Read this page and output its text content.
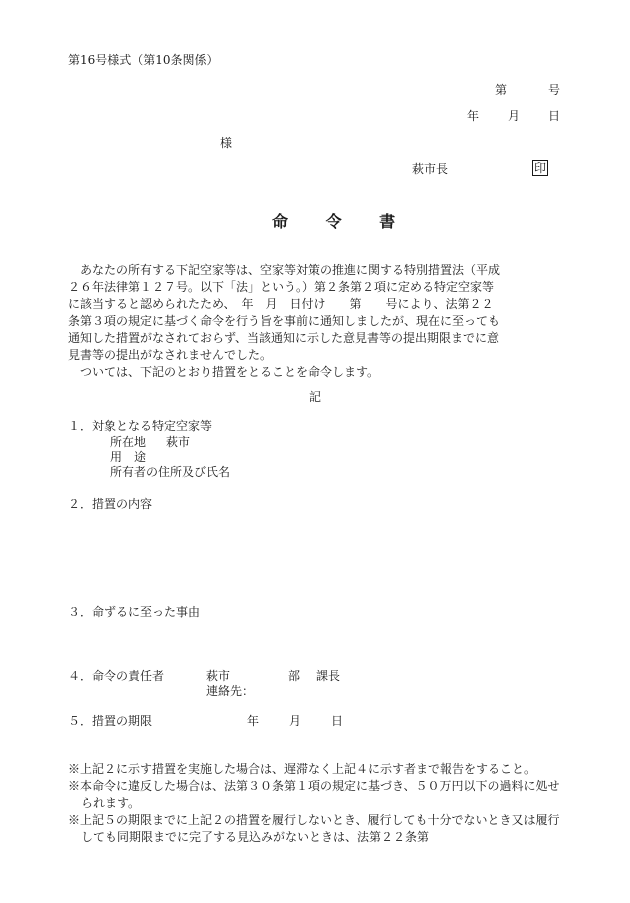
第16号様式（第10条関係）
第	号
年 月 日
様
萩市長	印
命 令 書

　あなたの所有する下記空家等は、空家等対策の推進に関する特別措置法（平成

２６年法律第１２７号。以下「法」という。）第２条第２項に定める特定空家等

に該当すると認められたため、　年　月　日付け　　第　　号により、法第２２

条第３項の規定に基づく命令を行う旨を事前に通知しましたが、現在に至っても

通知した措置がなされておらず、当該通知に示した意見書等の提出期限までに意

見書等の提出がなされませんでした。

　ついては、下記のとおり措置をとることを命令します。

記
１．対象となる特定空家等
所在地 萩市
用　途
所有者の住所及び氏名
２．措置の内容
３．命ずるに至った事由
４．命令の責任者	萩市	部 課長
連絡先：
５．措置の期限	年 月 日

※上記２に示す措置を実施した場合は、遅滞なく上記４に示す者まで報告をすること。

※本命令に違反した場合は、法第３０条第１項の規定に基づき、５０万円以下の過料に処せられます。

※上記５の期限までに上記２の措置を履行しないとき、履行しても十分でないとき又は履行しても同期限までに完了する見込みがないときは、法第２２条第
